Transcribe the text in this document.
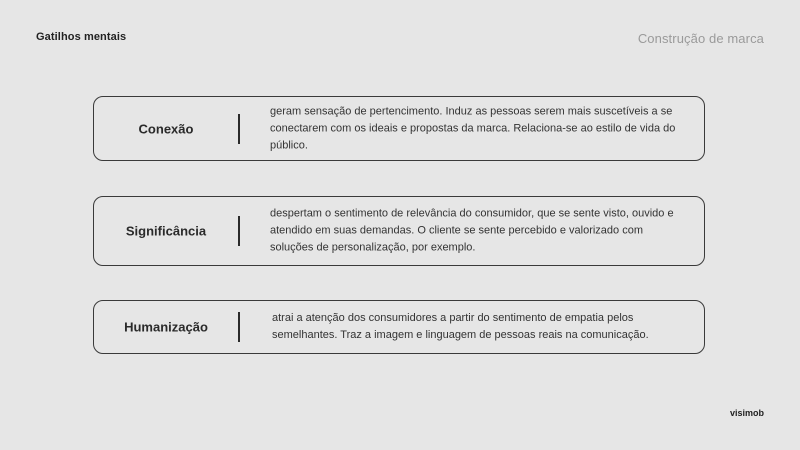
Gatilhos mentais	Construção de marca
Conexão
geram sensação de pertencimento. Induz as pessoas serem mais suscetíveis a se conectarem com os ideais e propostas da marca. Relaciona-se ao estilo de vida do público.
Significância
despertam o sentimento de relevância do consumidor, que se sente visto, ouvido e atendido em suas demandas. O cliente se sente percebido e valorizado com soluções de personalização, por exemplo.
Humanização
atrai a atenção dos consumidores a partir do sentimento de empatia pelos semelhantes. Traz a imagem e linguagem de pessoas reais na comunicação.
visimob
